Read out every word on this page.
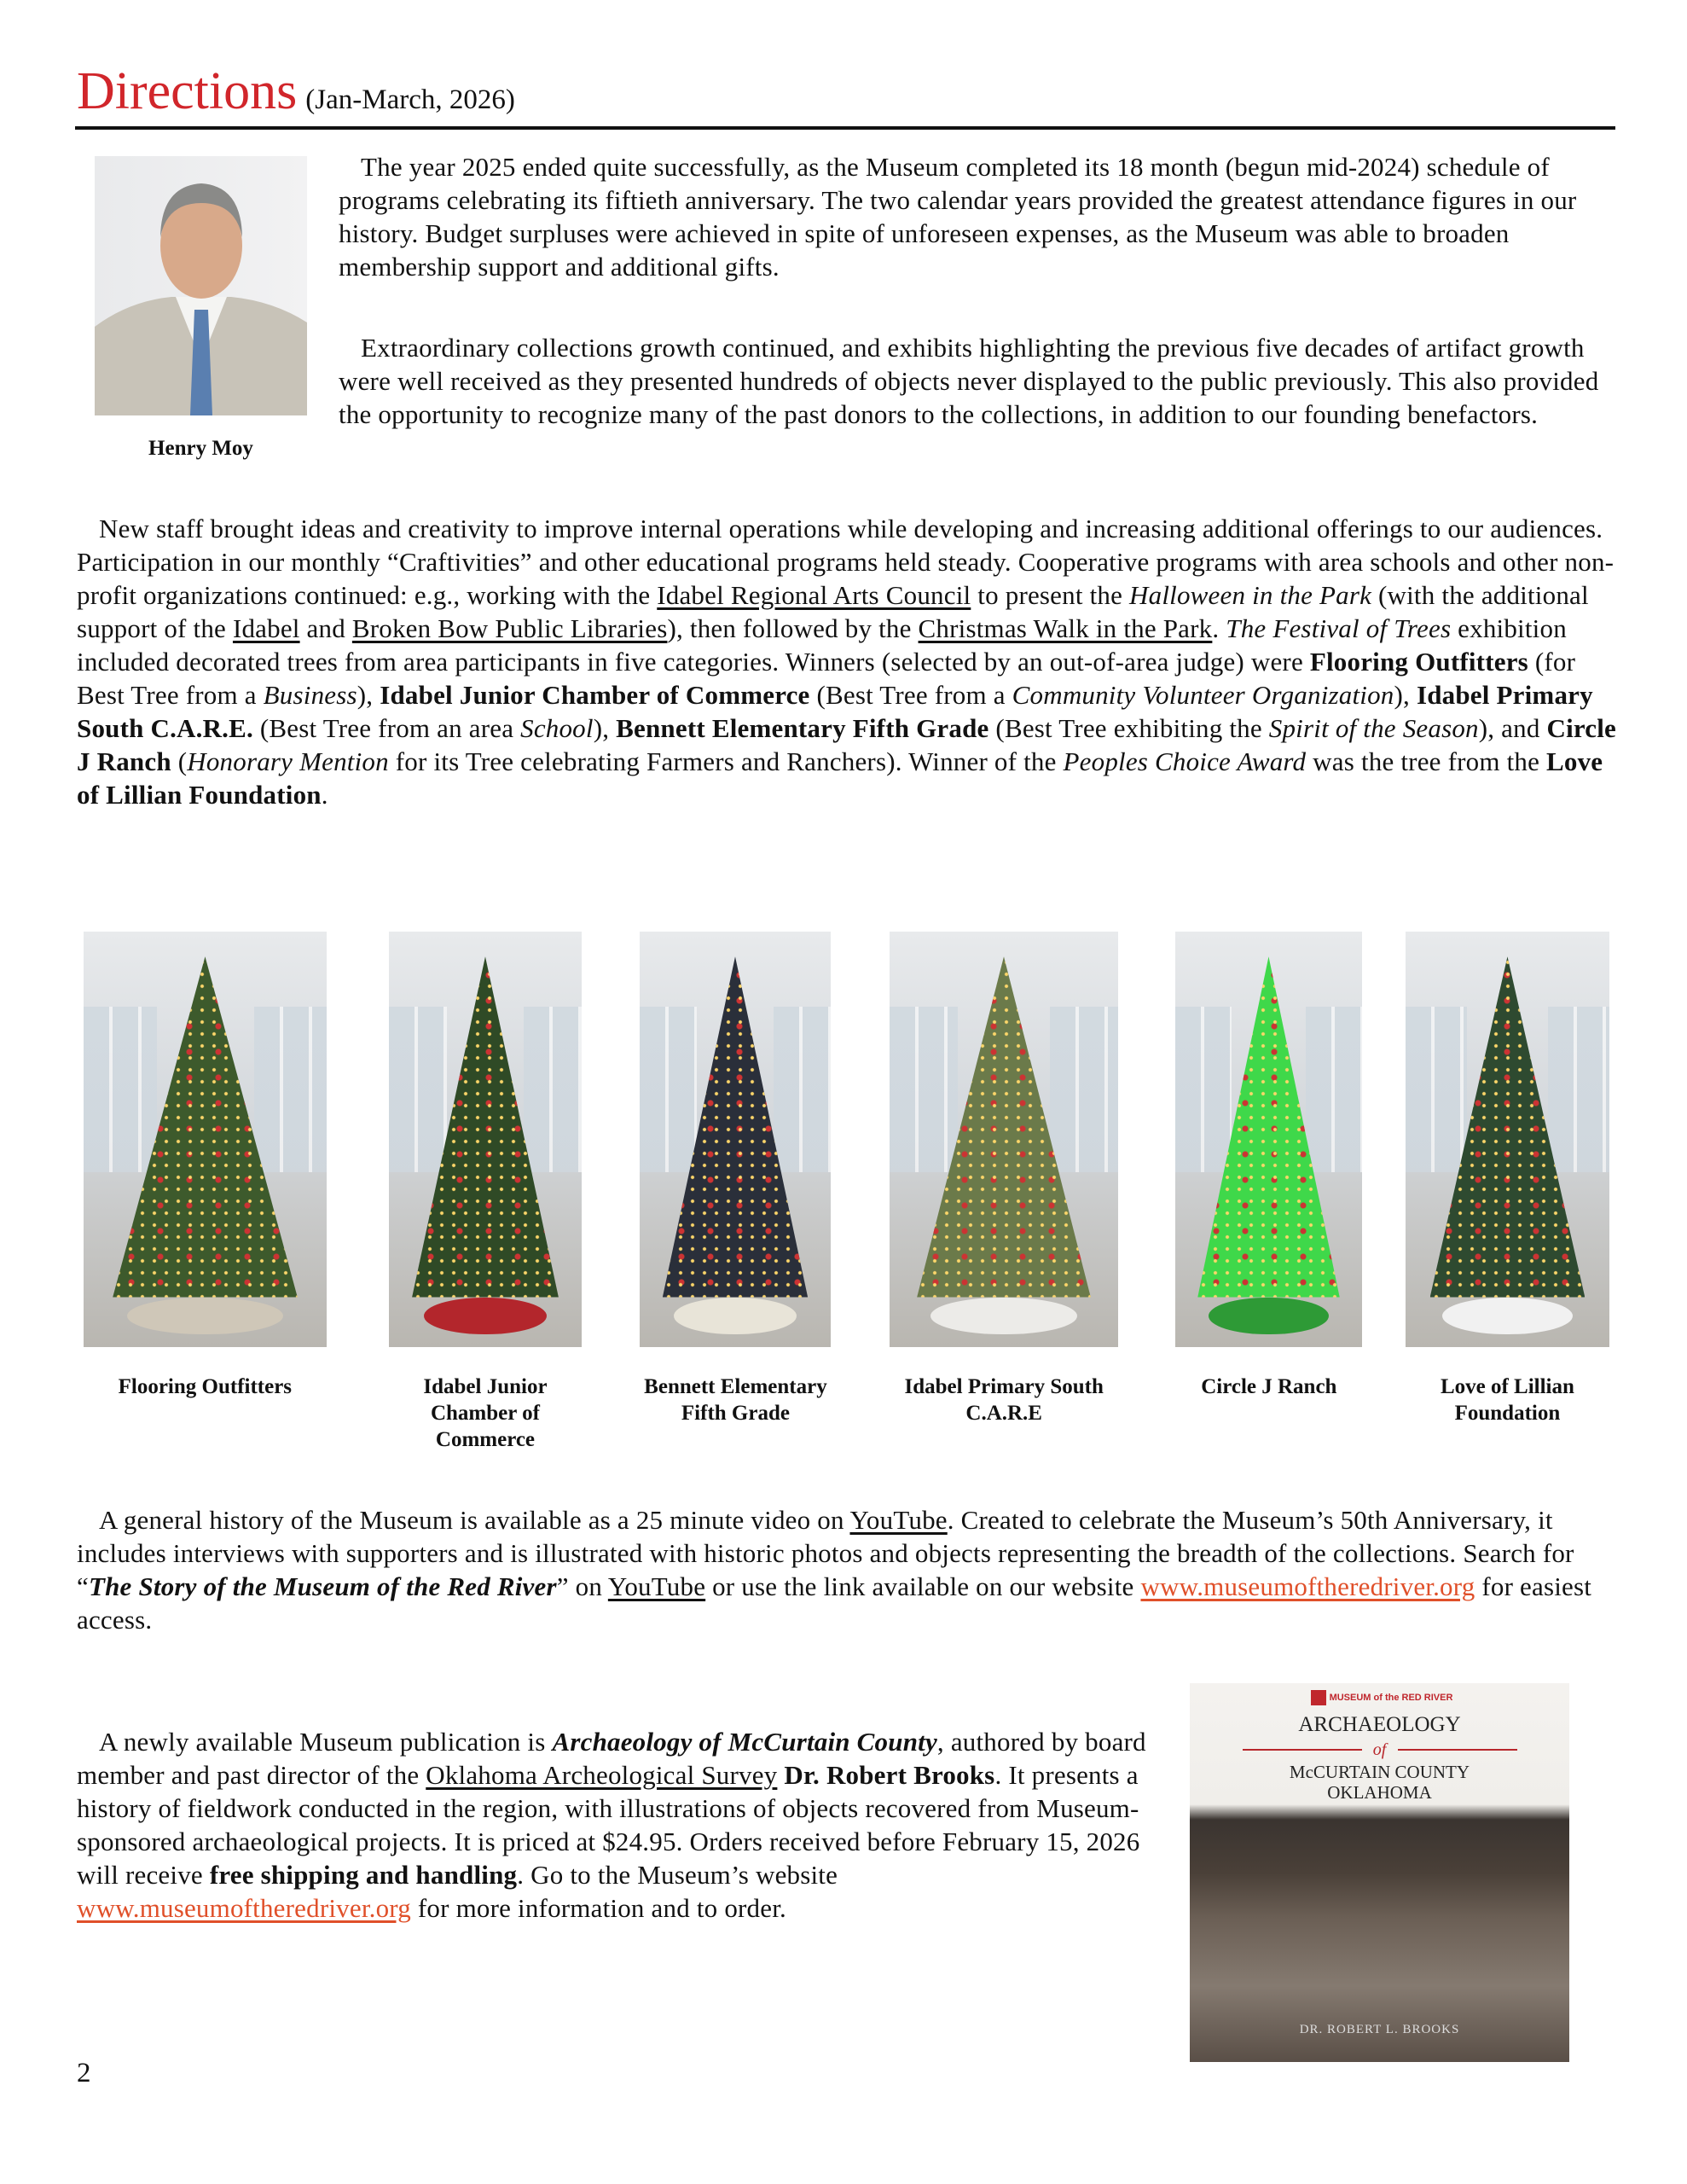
Directions (Jan-March, 2026)
Henry Moy
The year 2025 ended quite successfully, as the Museum completed its 18 month (begun mid-2024) schedule of programs celebrating its fiftieth anniversary. The two calendar years provided the greatest attendance figures in our history. Budget surpluses were achieved in spite of unforeseen expenses, as the Museum was able to broaden membership support and additional gifts.
Extraordinary collections growth continued, and exhibits highlighting the previous five decades of artifact growth were well received as they presented hundreds of objects never displayed to the public previously. This also provided the opportunity to recognize many of the past donors to the collections, in addition to our founding benefactors.
New staff brought ideas and creativity to improve internal operations while developing and increasing additional offerings to our audiences. Participation in our monthly “Craftivities” and other educational programs held steady. Cooperative programs with area schools and other non-profit organizations continued: e.g., working with the Idabel Regional Arts Council to present the Halloween in the Park (with the additional support of the Idabel and Broken Bow Public Libraries), then followed by the Christmas Walk in the Park. The Festival of Trees exhibition included decorated trees from area participants in five categories. Winners (selected by an out-of-area judge) were Flooring Outfitters (for Best Tree from a Business), Idabel Junior Chamber of Commerce (Best Tree from a Community Volunteer Organization), Idabel Primary South C.A.R.E. (Best Tree from an area School), Bennett Elementary Fifth Grade (Best Tree exhibiting the Spirit of the Season), and Circle J Ranch (Honorary Mention for its Tree celebrating Farmers and Ranchers). Winner of the Peoples Choice Award was the tree from the Love of Lillian Foundation.
Flooring Outfitters	Idabel Junior Chamber of Commerce
Bennett Elementary Fifth Grade
Idabel Primary South C.A.R.E
Circle J Ranch	Love of Lillian Foundation
A general history of the Museum is available as a 25 minute video on YouTube. Created to celebrate the Museum’s 50th Anniversary, it includes interviews with supporters and is illustrated with historic photos and objects representing the breadth of the collections. Search for “The Story of the Museum of the Red River” on YouTube or use the link available on our website www.museumoftheredriver.org for easiest access.
A newly available Museum publication is Archaeology of McCurtain County, authored by board member and past director of the Oklahoma Archeological Survey Dr. Robert Brooks. It presents a history of fieldwork conducted in the region, with illustrations of objects recovered from Museum-sponsored archaeological projects. It is priced at $24.95. Orders received before February 15, 2026 will receive free shipping and handling. Go to the Museum’s website www.museumoftheredriver.org for more information and to order.
MUSEUM of the RED RIVER
ARCHAEOLOGY
of
McCURTAIN COUNTY
OKLAHOMA
DR. ROBERT L. BROOKS
2
